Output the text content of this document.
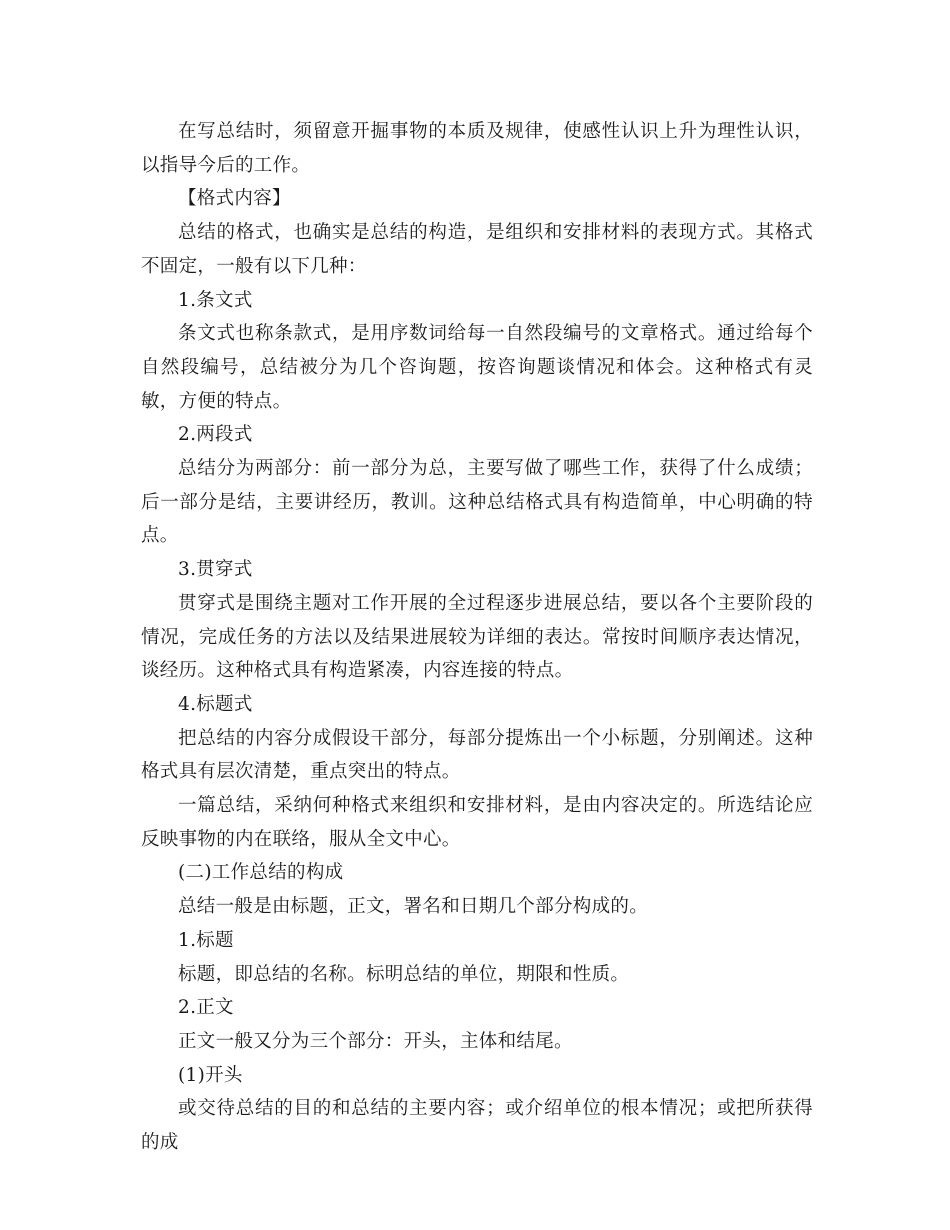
在写总结时，须留意开掘事物的本质及规律，使感性认识上升为理性认识，以指导今后的工作。

【格式内容】

总结的格式，也确实是总结的构造，是组织和安排材料的表现方式。其格式不固定，一般有以下几种：

1.条文式

条文式也称条款式，是用序数词给每一自然段编号的文章格式。通过给每个自然段编号，总结被分为几个咨询题，按咨询题谈情况和体会。这种格式有灵敏，方便的特点。

2.两段式

总结分为两部分：前一部分为总，主要写做了哪些工作，获得了什么成绩；后一部分是结，主要讲经历，教训。这种总结格式具有构造简单，中心明确的特点。

3.贯穿式

贯穿式是围绕主题对工作开展的全过程逐步进展总结，要以各个主要阶段的情况，完成任务的方法以及结果进展较为详细的表达。常按时间顺序表达情况，谈经历。这种格式具有构造紧凑，内容连接的特点。

4.标题式

把总结的内容分成假设干部分，每部分提炼出一个小标题，分别阐述。这种格式具有层次清楚，重点突出的特点。

一篇总结，采纳何种格式来组织和安排材料，是由内容决定的。所选结论应反映事物的内在联络，服从全文中心。

(二)工作总结的构成

总结一般是由标题，正文，署名和日期几个部分构成的。

1.标题

标题，即总结的名称。标明总结的单位，期限和性质。

2.正文

正文一般又分为三个部分：开头，主体和结尾。

(1)开头

或交待总结的目的和总结的主要内容；或介绍单位的根本情况；或把所获得的成
